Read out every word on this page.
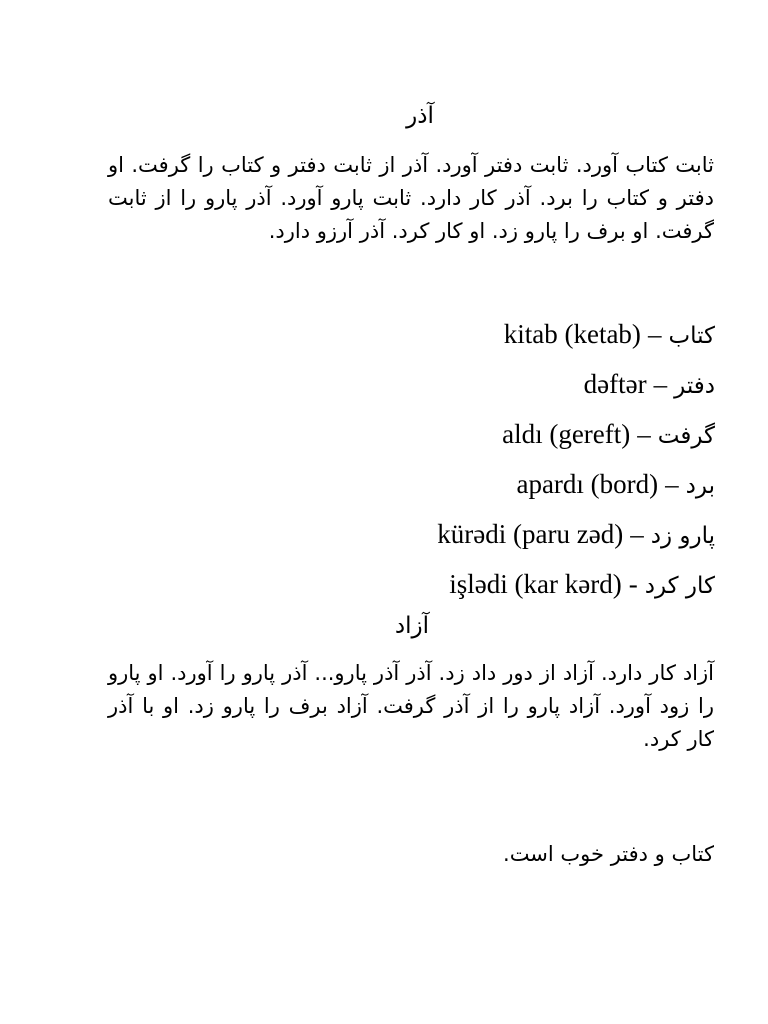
آذر

ثابت کتاب آورد. ثابت دفتر آورد. آذر از ثابت دفتر و کتاب را گرفت. او دفتر و کتاب را برد. آذر کار دارد. ثابت پارو آورد. آذر پارو را از ثابت گرفت. او برف را پارو زد. او کار کرد. آذر آرزو دارد.

kitab (ketab) – کتاب
dəftər – دفتر
aldı (gereft) – گرفت
apardı (bord) – برد
kürədi (paru zəd) – پارو زد
işlədi (kar kərd) - کار کرد
آزاد

آزاد کار دارد. آزاد از دور داد زد. آذر آذر پارو... آذر پارو را آورد. او پارو را زود آورد. آزاد پارو را از آذر گرفت. آزاد برف را پارو زد. او با آذر کار کرد.

کتاب و دفتر خوب است.
